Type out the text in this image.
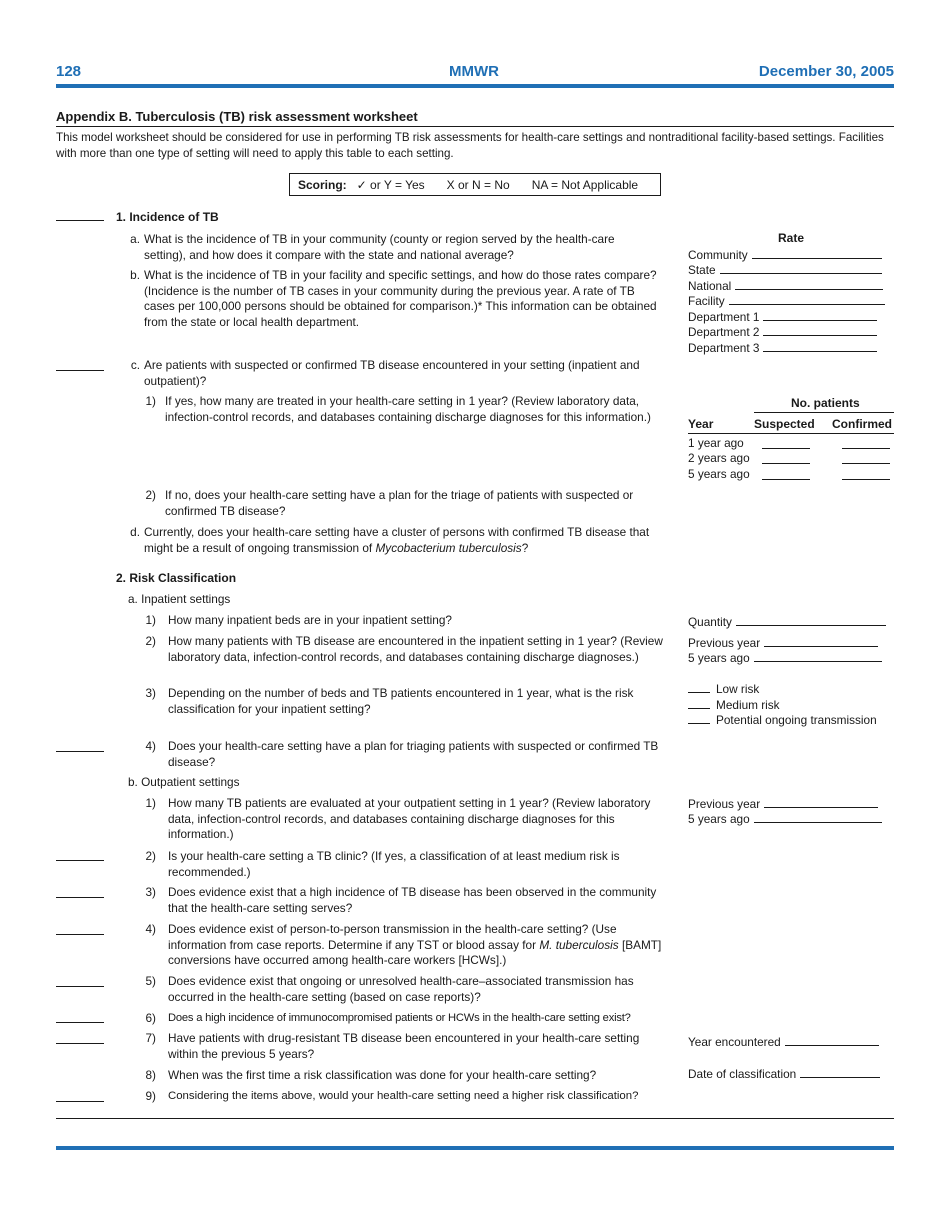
128	MMWR	December 30, 2005
Appendix B. Tuberculosis (TB) risk assessment worksheet
This model worksheet should be considered for use in performing TB risk assessments for health-care settings and nontraditional facility-based settings. Facilities with more than one type of setting will need to apply this table to each setting.
Scoring: ✓ or Y = Yes X or N = No NA = Not Applicable
1. Incidence of TB
a. What is the incidence of TB in your community (county or region served by the health-care setting), and how does it compare with the state and national average?
b. What is the incidence of TB in your facility and specific settings, and how do those rates compare? (Incidence is the number of TB cases in your community during the previous year. A rate of TB cases per 100,000 persons should be obtained for comparison.)* This information can be obtained from the state or local health department.
c. Are patients with suspected or confirmed TB disease encountered in your setting (inpatient and outpatient)?
1) If yes, how many are treated in your health-care setting in 1 year? (Review laboratory data, infection-control records, and databases containing discharge diagnoses for this information.)
2) If no, does your health-care setting have a plan for the triage of patients with suspected or confirmed TB disease?
d. Currently, does your health-care setting have a cluster of persons with confirmed TB disease that might be a result of ongoing transmission of Mycobacterium tuberculosis?
Rate
Community
State
National
Facility
Department 1
Department 2
Department 3
No. patients
Year	Suspected Confirmed
1 year ago
2 years ago
5 years ago
2. Risk Classification
a. Inpatient settings
1) How many inpatient beds are in your inpatient setting?
2) How many patients with TB disease are encountered in the inpatient setting in 1 year? (Review laboratory data, infection-control records, and databases containing discharge diagnoses.)
3) Depending on the number of beds and TB patients encountered in 1 year, what is the risk classification for your inpatient setting?
4) Does your health-care setting have a plan for triaging patients with suspected or confirmed TB disease?
Quantity
Previous year
5 years ago
Low risk
Medium risk
Potential ongoing transmission
b. Outpatient settings
1) How many TB patients are evaluated at your outpatient setting in 1 year? (Review laboratory data, infection-control records, and databases containing discharge diagnoses for this information.)
Previous year
5 years ago
2) Is your health-care setting a TB clinic? (If yes, a classification of at least medium risk is recommended.)
3) Does evidence exist that a high incidence of TB disease has been observed in the community that the health-care setting serves?
4) Does evidence exist of person-to-person transmission in the health-care setting? (Use information from case reports. Determine if any TST or blood assay for M. tuberculosis [BAMT] conversions have occurred among health-care workers [HCWs].)
5) Does evidence exist that ongoing or unresolved health-care–associated transmission has occurred in the health-care setting (based on case reports)?
6) Does a high incidence of immunocompromised patients or HCWs in the health-care setting exist?
7) Have patients with drug-resistant TB disease been encountered in your health-care setting within the previous 5 years?
Year encountered
8) When was the first time a risk classification was done for your health-care setting?	Date of classification
9) Considering the items above, would your health-care setting need a higher risk classification?
